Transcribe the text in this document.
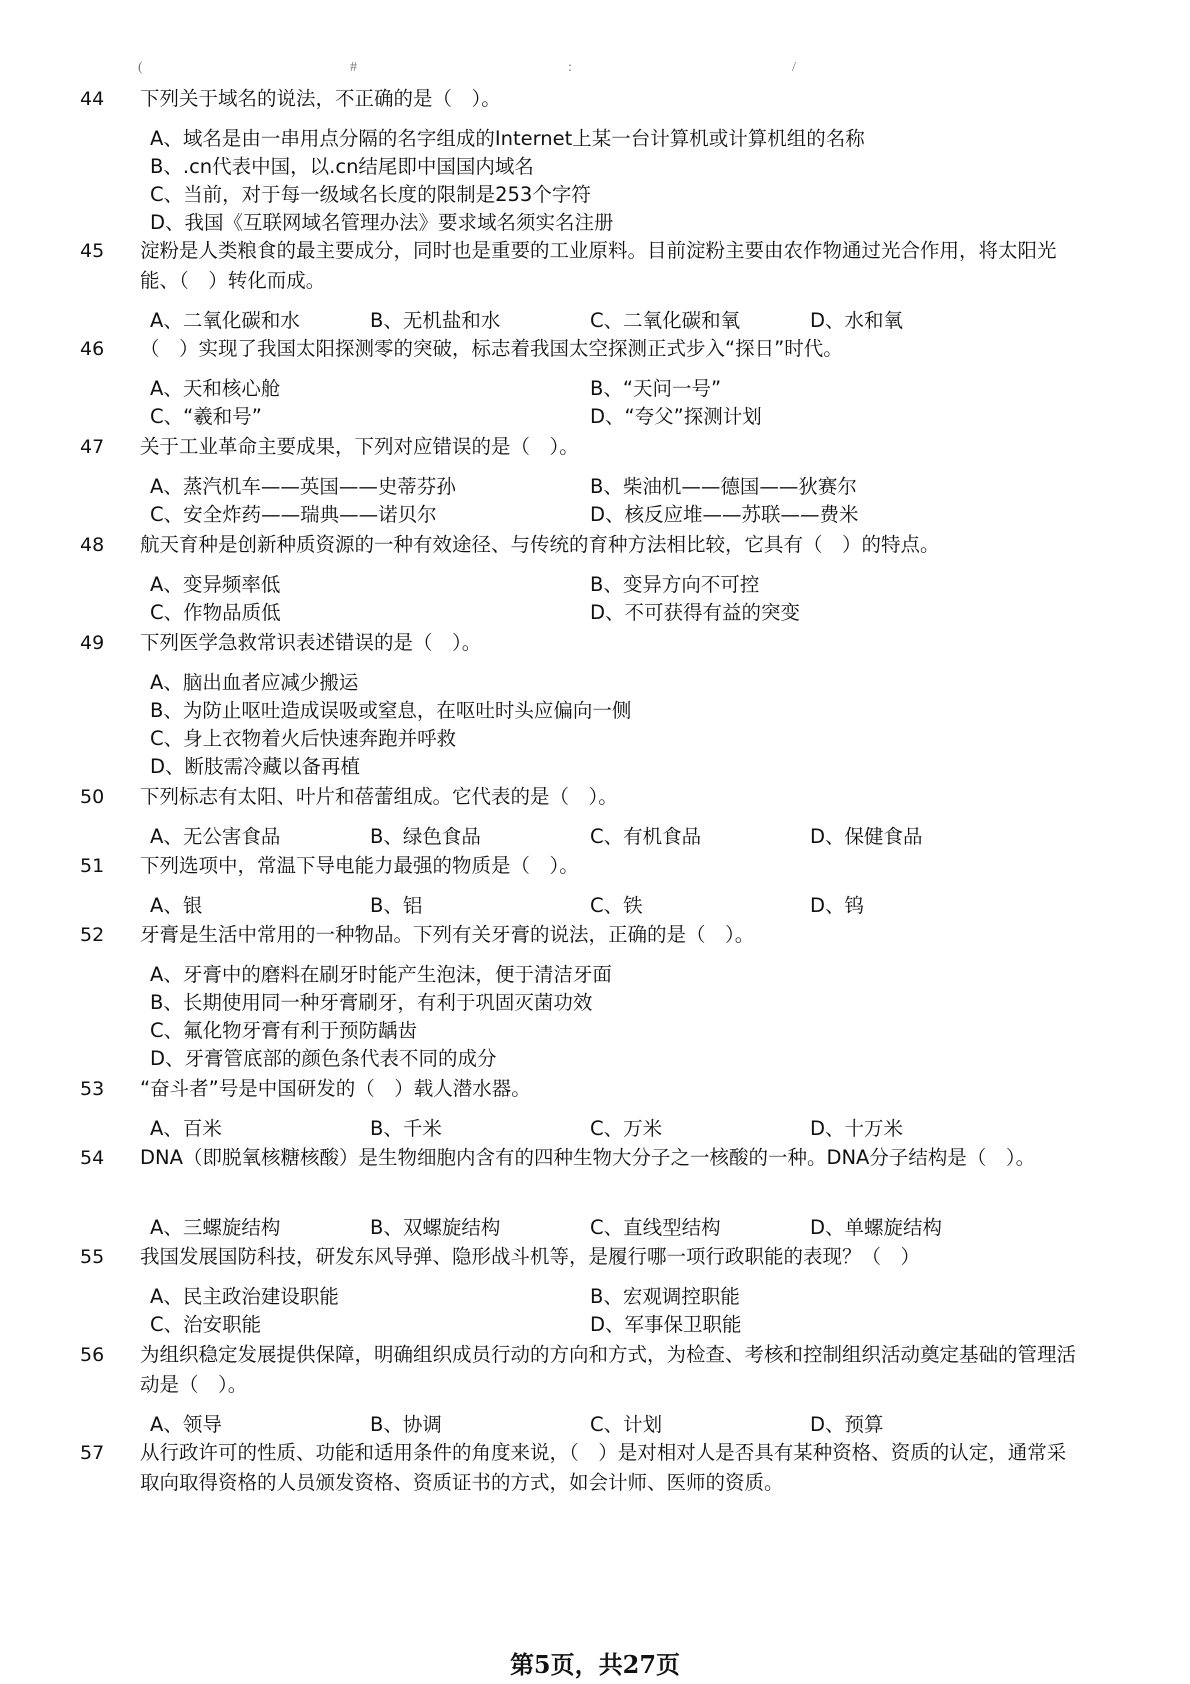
(	#	:	/
44	下列关于域名的说法，不正确的是（　）。
A、域名是由一串用点分隔的名字组成的Internet上某一台计算机或计算机组的名称
B、.cn代表中国，以.cn结尾即中国国内域名
C、当前，对于每一级域名长度的限制是253个字符
D、我国《互联网域名管理办法》要求域名须实名注册
45	淀粉是人类粮食的最主要成分，同时也是重要的工业原料。目前淀粉主要由农作物通过光合作用，将太阳光能、（　）转化而成。
A、二氧化碳和水	B、无机盐和水	C、二氧化碳和氧	D、水和氧
46	（　）实现了我国太阳探测零的突破，标志着我国太空探测正式步入“探日”时代。
A、天和核心舱	B、“天问一号”
C、“羲和号”	D、“夸父”探测计划
47	关于工业革命主要成果，下列对应错误的是（　）。
A、蒸汽机车——英国——史蒂芬孙	B、柴油机——德国——狄赛尔
C、安全炸药——瑞典——诺贝尔	D、核反应堆——苏联——费米
48	航天育种是创新种质资源的一种有效途径、与传统的育种方法相比较，它具有（　）的特点。
A、变异频率低	B、变异方向不可控
C、作物品质低	D、不可获得有益的突变
49	下列医学急救常识表述错误的是（　）。
A、脑出血者应减少搬运
B、为防止呕吐造成误吸或窒息，在呕吐时头应偏向一侧
C、身上衣物着火后快速奔跑并呼救
D、断肢需冷藏以备再植
50	下列标志有太阳、叶片和蓓蕾组成。它代表的是（　）。
A、无公害食品	B、绿色食品	C、有机食品	D、保健食品
51	下列选项中，常温下导电能力最强的物质是（　）。
A、银	B、铝	C、铁	D、钨
52	牙膏是生活中常用的一种物品。下列有关牙膏的说法，正确的是（　）。
A、牙膏中的磨料在刷牙时能产生泡沫，便于清洁牙面
B、长期使用同一种牙膏刷牙，有利于巩固灭菌功效
C、氟化物牙膏有利于预防龋齿
D、牙膏管底部的颜色条代表不同的成分
53	“奋斗者”号是中国研发的（　）载人潜水器。
A、百米	B、千米	C、万米	D、十万米
54	DNA（即脱氧核糖核酸）是生物细胞内含有的四种生物大分子之一核酸的一种。DNA分子结构是（　）。
A、三螺旋结构	B、双螺旋结构	C、直线型结构	D、单螺旋结构
55	我国发展国防科技，研发东风导弹、隐形战斗机等，是履行哪一项行政职能的表现？（　）
A、民主政治建设职能	B、宏观调控职能
C、治安职能	D、军事保卫职能
56	为组织稳定发展提供保障，明确组织成员行动的方向和方式，为检查、考核和控制组织活动奠定基础的管理活动是（　）。
A、领导	B、协调	C、计划	D、预算
57	从行政许可的性质、功能和适用条件的角度来说，（　）是对相对人是否具有某种资格、资质的认定，通常采取向取得资格的人员颁发资格、资质证书的方式，如会计师、医师的资质。
第5页，共27页
